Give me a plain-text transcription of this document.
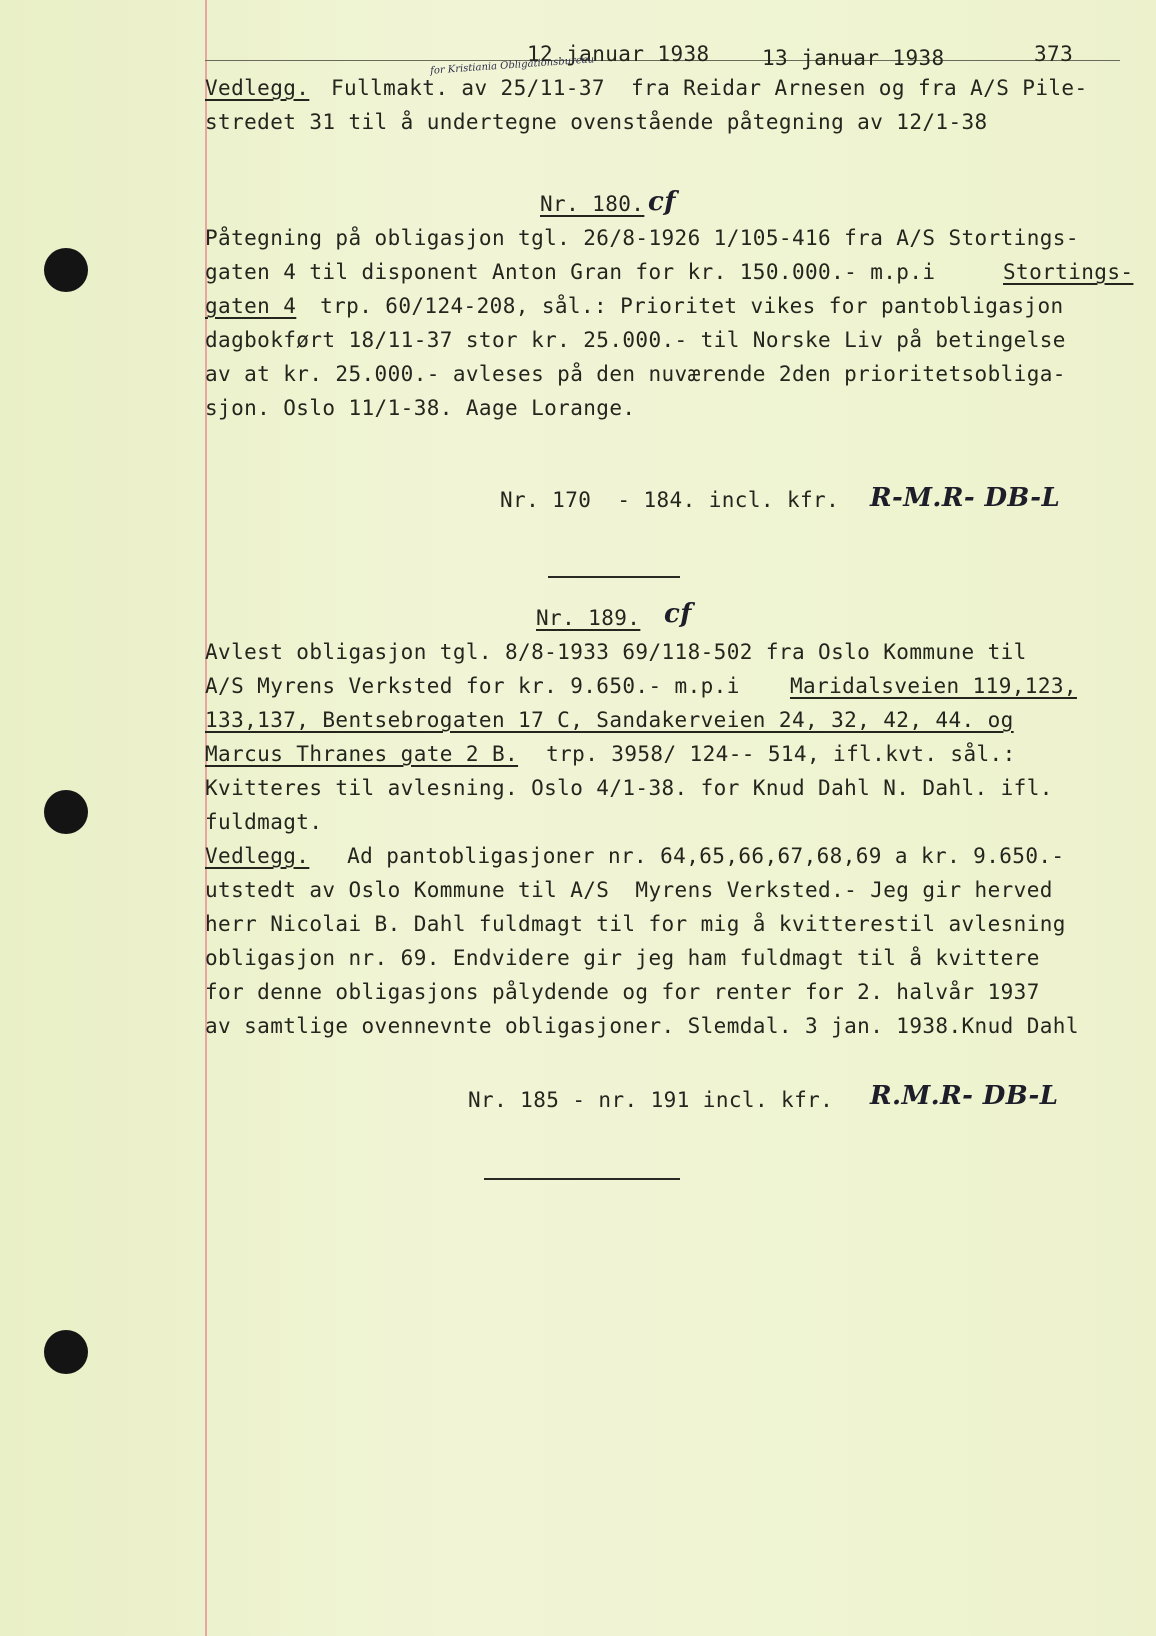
12 januar 1938 13 januar 1938	373
for Kristiania Obligationsbureau
Vedlegg. Fullmakt. av 25/11-37  fra Reidar Arnesen og fra A/S Pile-
stredet 31 til å undertegne ovenstående påtegning av 12/1-38
Nr. 180. cf
Påtegning på obligasjon tgl. 26/8-1926 1/105-416 fra A/S Stortings-
gaten 4 til disponent Anton Gran for kr. 150.000.- m.p.i	Stortings-
gaten 4
trp. 60/124-208, sål.: Prioritet vikes for pantobligasjon
dagbokført 18/11-37 stor kr. 25.000.- til Norske Liv på betingelse
av at kr. 25.000.- avleses på den nuværende 2den prioritetsobliga-
sjon. Oslo 11/1-38. Aage Lorange.
Nr. 170  - 184. incl. kfr. R-M.R- DB-L
Nr. 189. cf
Avlest obligasjon tgl. 8/8-1933 69/118-502 fra Oslo Kommune til
A/S Myrens Verksted for kr. 9.650.- m.p.i Maridalsveien 119,123,
133,137, Bentsebrogaten 17 C, Sandakerveien 24, 32, 42, 44. og
Marcus Thranes gate 2 B. trp. 3958/ 124-- 514, ifl.kvt. sål.:
Kvitteres til avlesning. Oslo 4/1-38. for Knud Dahl N. Dahl. ifl.
fuldmagt.
Vedlegg. Ad pantobligasjoner nr. 64,65,66,67,68,69 a kr. 9.650.-
utstedt av Oslo Kommune til A/S  Myrens Verksted.- Jeg gir herved
herr Nicolai B. Dahl fuldmagt til for mig å kvitterestil avlesning
obligasjon nr. 69. Endvidere gir jeg ham fuldmagt til å kvittere
for denne obligasjons pålydende og for renter for 2. halvår 1937
av samtlige ovennevnte obligasjoner. Slemdal. 3 jan. 1938.Knud Dahl
Nr. 185 - nr. 191 incl. kfr. R.M.R- DB-L
